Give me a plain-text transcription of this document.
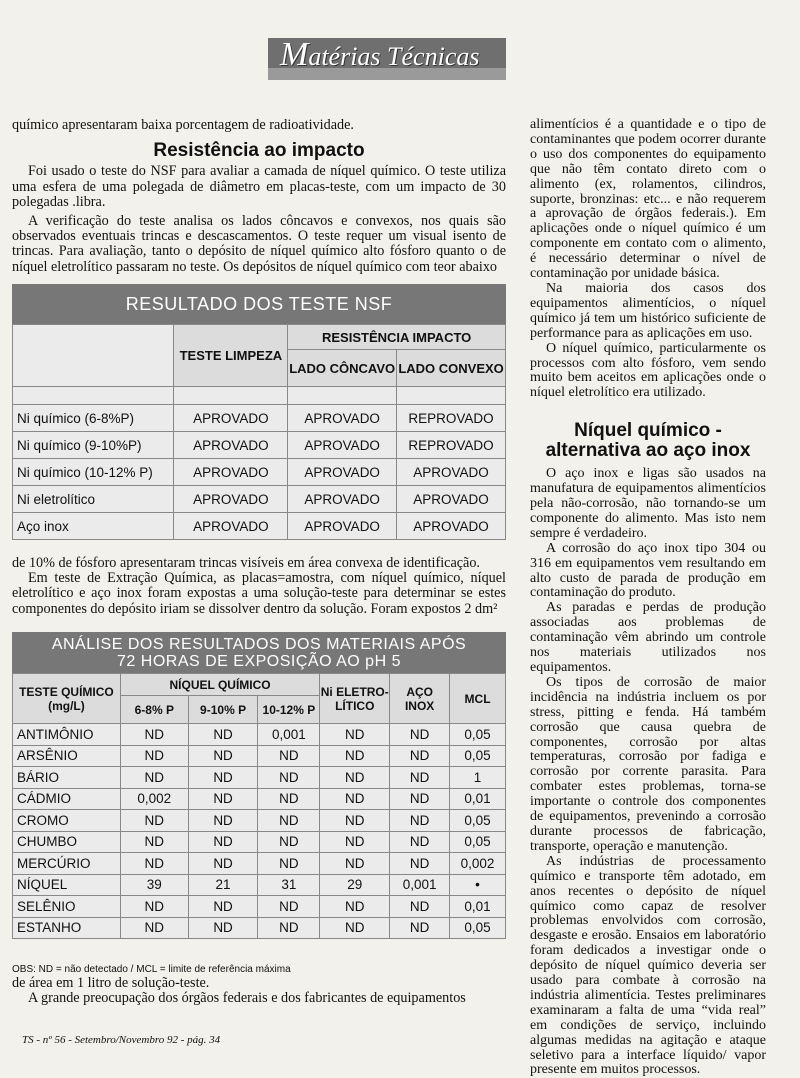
Matérias Técnicas

químico apresentaram baixa porcentagem de radioatividade.

Resistência ao impacto

Foi usado o teste do NSF para avaliar a camada de níquel químico. O teste utiliza uma esfera de uma polegada de diâmetro em placas-teste, com um impacto de 30 polegadas .libra.

A verificação do teste analisa os lados côncavos e convexos, nos quais são observados eventuais trincas e descascamentos. O teste requer um visual isento de trincas. Para avaliação, tanto o depósito de níquel químico alto fósforo quanto o de níquel eletrolítico passaram no teste. Os depósitos de níquel químico com teor abaixo

RESULTADO DOS TESTE NSF
	TESTE LIMPEZA	RESISTÊNCIA IMPACTO	
		LADO CÔNCAVO	LADO CONVEXO

Ni químico (6-8%P)	APROVADO	APROVADO	REPROVADO
Ni químico (9-10%P)	APROVADO	APROVADO	REPROVADO
Ni químico (10-12% P)	APROVADO	APROVADO	APROVADO
Ni eletrolítico	APROVADO	APROVADO	APROVADO
Aço inox	APROVADO	APROVADO	APROVADO

de 10% de fósforo apresentaram trincas visíveis em área convexa de identificação.

Em teste de Extração Química, as placas=amostra, com níquel químico, níquel eletrolítico e aço inox foram expostas a uma solução-teste para determinar se estes componentes do depósito iriam se dissolver dentro da solução. Foram expostos 2 dm²

ANÁLISE DOS RESULTADOS DOS MATERIAIS APÓS
72 HORAS DE EXPOSIÇÃO AO pH 5
TESTE QUÍMICO (mg/L)	NÍQUEL QUÍMICO			Ni ELETRO-LÍTICO	AÇO INOX	MCL
	6-8% P	9-10% P	10-12% P			
ANTIMÔNIO	ND	ND	0,001	ND	ND	0,05
ARSÊNIO	ND	ND	ND	ND	ND	0,05
BÁRIO	ND	ND	ND	ND	ND	1
CÁDMIO	0,002	ND	ND	ND	ND	0,01
CROMO	ND	ND	ND	ND	ND	0,05
CHUMBO	ND	ND	ND	ND	ND	0,05
MERCÚRIO	ND	ND	ND	ND	ND	0,002
NÍQUEL	39	21	31	29	0,001	•
SELÊNIO	ND	ND	ND	ND	ND	0,01
ESTANHO	ND	ND	ND	ND	ND	0,05
OBS: ND = não detectado / MCL = limite de referência máxima

de área em 1 litro de solução-teste.

A grande preocupação dos órgãos federais e dos fabricantes de equipamentos

alimentícios é a quantidade e o tipo de contaminantes que podem ocorrer durante o uso dos componentes do equipamento que não têm contato direto com o alimento (ex, rolamentos, cilindros, suporte, bronzinas: etc... e não requerem a aprovação de órgãos federais.). Em aplicações onde o níquel químico é um componente em contato com o alimento, é necessário determinar o nível de contaminação por unidade básica.

Na maioria dos casos dos equipamentos alimentícios, o níquel químico já tem um histórico suficiente de performance para as aplicações em uso.

O níquel químico, particularmente os processos com alto fósforo, vem sendo muito bem aceitos em aplicações onde o níquel eletrolítico era utilizado.

Níquel químico -
alternativa ao aço inox

O aço inox e ligas são usados na manufatura de equipamentos alimentícios pela não-corrosão, não tornando-se um componente do alimento. Mas isto nem sempre é verdadeiro.

A corrosão do aço inox tipo 304 ou 316 em equipamentos vem resultando em alto custo de parada de produção em contaminação do produto.

As paradas e perdas de produção associadas aos problemas de contaminação vêm abrindo um controle nos materiais utilizados nos equipamentos.

Os tipos de corrosão de maior incidência na indústria incluem os por stress, pitting e fenda. Há também corrosão que causa quebra de componentes, corrosão por altas temperaturas, corrosão por fadiga e corrosão por corrente parasita. Para combater estes problemas, torna-se importante o controle dos componentes de equipamentos, prevenindo a corrosão durante processos de fabricação, transporte, operação e manutenção.

As indústrias de processamento químico e transporte têm adotado, em anos recentes o depósito de níquel químico como capaz de resolver problemas envolvidos com corrosão, desgaste e erosão. Ensaios em laboratório foram dedicados a investigar onde o depósito de níquel químico deveria ser usado para combate à corrosão na indústria alimentícia. Testes preliminares examinaram a falta de uma “vida real” em condições de serviço, incluindo algumas medidas na agitação e ataque seletivo para a interface líquido/ vapor presente em muitos processos.

TS - nº 56 - Setembro/Novembro 92 - pág. 34
